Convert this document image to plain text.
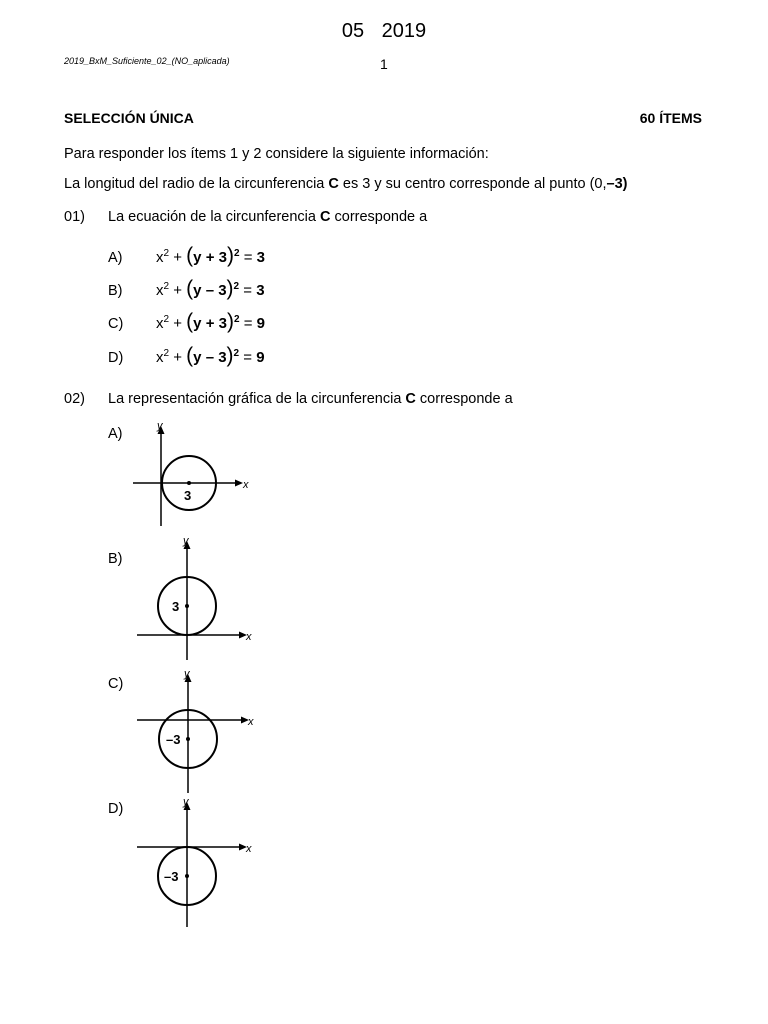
05 2019
2019_BxM_Suficiente_02_(NO_aplicada)	1
SELECCIÓN ÚNICA	60 ÍTEMS
Para responder los ítems 1 y 2 considere la siguiente información:
La longitud del radio de la circunferencia C es 3 y su centro corresponde al punto (0,–3)
01) La ecuación de la circunferencia C corresponde a
A) $x^2 + (y + 3)^2 = 3$
B) $x^2 + (y - 3)^2 = 3$
C) $x^2 + (y + 3)^2 = 9$
D) $x^2 + (y - 3)^2 = 9$
02) La representación gráfica de la circunferencia C corresponde a
A)
x
y
3
B)
x
y
3
C)
x
y
–3
D)
x
y
–3
